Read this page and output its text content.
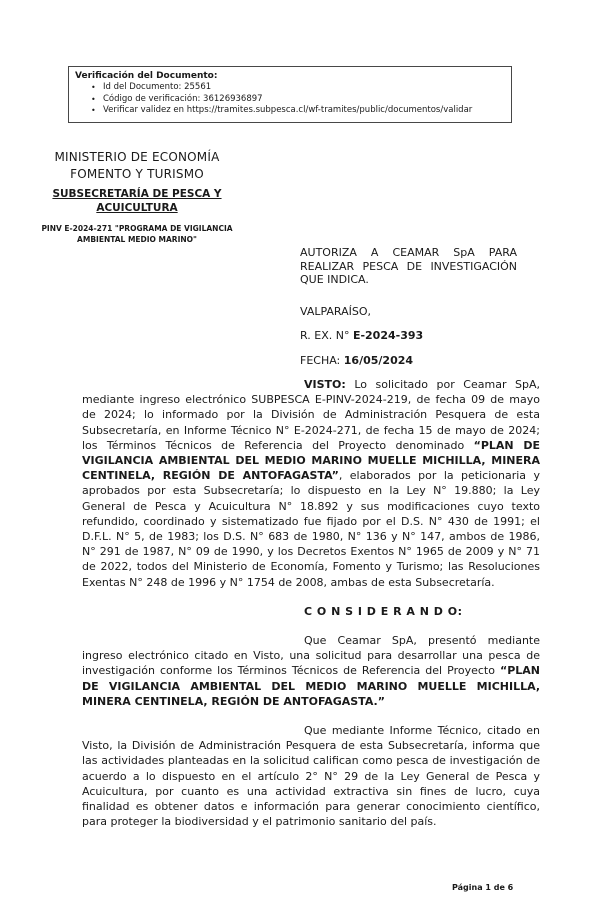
Verificación del Documento:
• Id del Documento: 25561
• Código de verificación: 36126936897
• Verificar validez en https://tramites.subpesca.cl/wf-tramites/public/documentos/validar
MINISTERIO DE ECONOMÍA
FOMENTO Y TURISMO
SUBSECRETARÍA DE PESCA Y
ACUICULTURA
PINV E-2024-271 "PROGRAMA DE VIGILANCIA AMBIENTAL MEDIO MARINO"
AUTORIZA A CEAMAR SpA PARA REALIZAR PESCA DE INVESTIGACIÓN QUE INDICA.
VALPARAÍSO,
R. EX. N° E-2024-393
FECHA: 16/05/2024

VISTO: Lo solicitado por Ceamar SpA, mediante ingreso electrónico SUBPESCA E-PINV-2024-219, de fecha 09 de mayo de 2024; lo informado por la División de Administración Pesquera de esta Subsecretaría, en Informe Técnico N° E-2024-271, de fecha 15 de mayo de 2024; los Términos Técnicos de Referencia del Proyecto denominado “PLAN DE VIGILANCIA AMBIENTAL DEL MEDIO MARINO MUELLE MICHILLA, MINERA CENTINELA, REGIÓN DE ANTOFAGASTA”, elaborados por la peticionaria y aprobados por esta Subsecretaría; lo dispuesto en la Ley N° 19.880; la Ley General de Pesca y Acuicultura N° 18.892 y sus modificaciones cuyo texto refundido, coordinado y sistematizado fue fijado por el D.S. N° 430 de 1991; el D.F.L. N° 5, de 1983; los D.S. N° 683 de 1980, N° 136 y N° 147, ambos de 1986, N° 291 de 1987, N° 09 de 1990, y los Decretos Exentos N° 1965 de 2009 y N° 71 de 2022, todos del Ministerio de Economía, Fomento y Turismo; las Resoluciones Exentas N° 248 de 1996 y N° 1754 de 2008, ambas de esta Subsecretaría.

C O N S I D E R A N D O:

Que Ceamar SpA, presentó mediante ingreso electrónico citado en Visto, una solicitud para desarrollar una pesca de investigación conforme los Términos Técnicos de Referencia del Proyecto “PLAN DE VIGILANCIA AMBIENTAL DEL MEDIO MARINO MUELLE MICHILLA, MINERA CENTINELA, REGIÓN DE ANTOFAGASTA.”

Que mediante Informe Técnico, citado en Visto, la División de Administración Pesquera de esta Subsecretaría, informa que las actividades planteadas en la solicitud califican como pesca de investigación de acuerdo a lo dispuesto en el artículo 2° N° 29 de la Ley General de Pesca y Acuicultura, por cuanto es una actividad extractiva sin fines de lucro, cuya finalidad es obtener datos e información para generar conocimiento científico, para proteger la biodiversidad y el patrimonio sanitario del país.

Página 1 de 6
